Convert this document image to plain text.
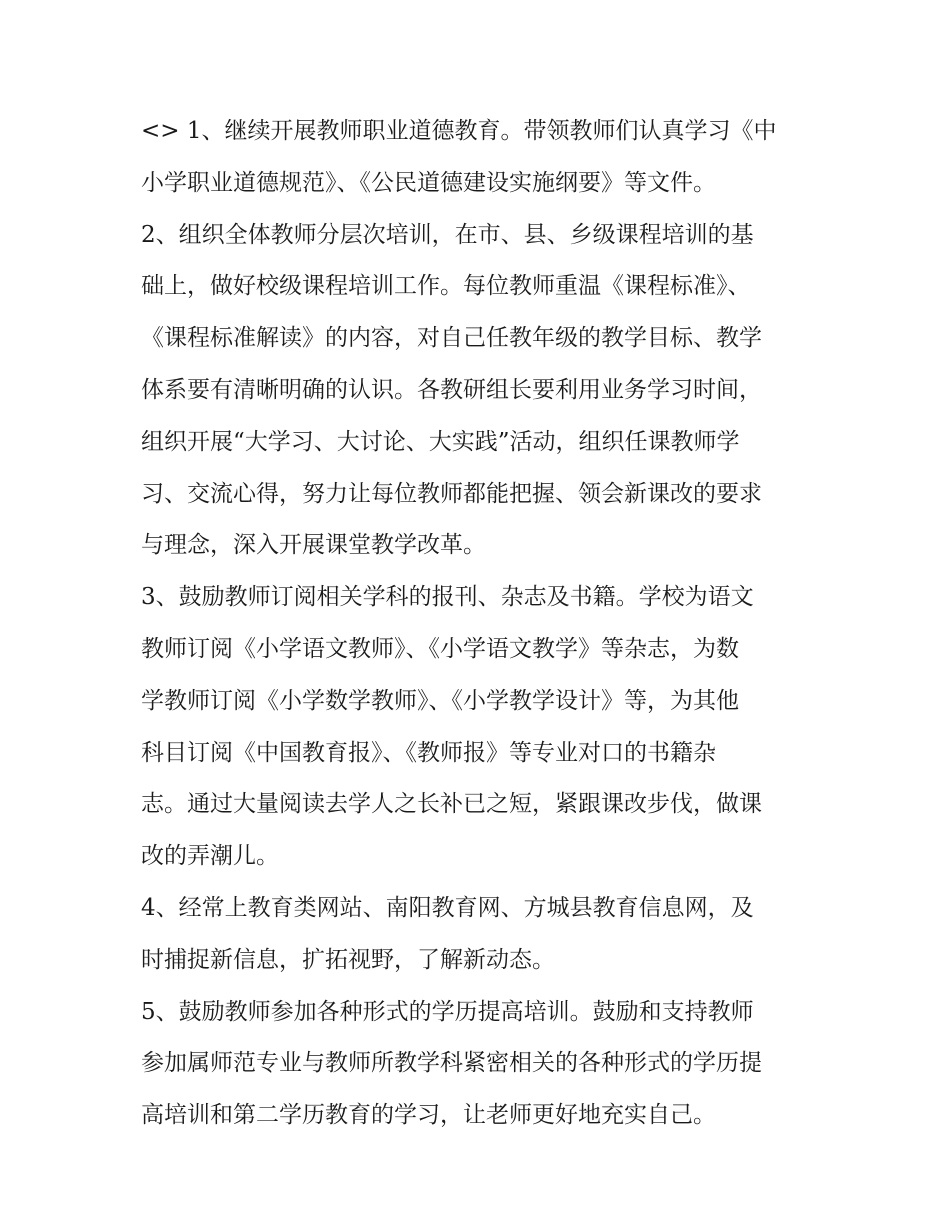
<> 1、继续开展教师职业道德教育。带领教师们认真学习《中
小学职业道德规范》、《公民道德建设实施纲要》等文件。
2、组织全体教师分层次培训，在市、县、乡级课程培训的基
础上，做好校级课程培训工作。每位教师重温《课程标准》、
《课程标准解读》的内容，对自己任教年级的教学目标、教学
体系要有清晰明确的认识。各教研组长要利用业务学习时间，
组织开展“大学习、大讨论、大实践”活动，组织任课教师学
习、交流心得，努力让每位教师都能把握、领会新课改的要求
与理念，深入开展课堂教学改革。
3、鼓励教师订阅相关学科的报刊、杂志及书籍。学校为语文
教师订阅《小学语文教师》、《小学语文教学》等杂志，为数
学教师订阅《小学数学教师》、《小学教学设计》等，为其他
科目订阅《中国教育报》、《教师报》等专业对口的书籍杂
志。通过大量阅读去学人之长补已之短，紧跟课改步伐，做课
改的弄潮儿。
4、经常上教育类网站、南阳教育网、方城县教育信息网，及
时捕捉新信息，扩拓视野，了解新动态。
5、鼓励教师参加各种形式的学历提高培训。鼓励和支持教师
参加属师范专业与教师所教学科紧密相关的各种形式的学历提
高培训和第二学历教育的学习，让老师更好地充实自己。
